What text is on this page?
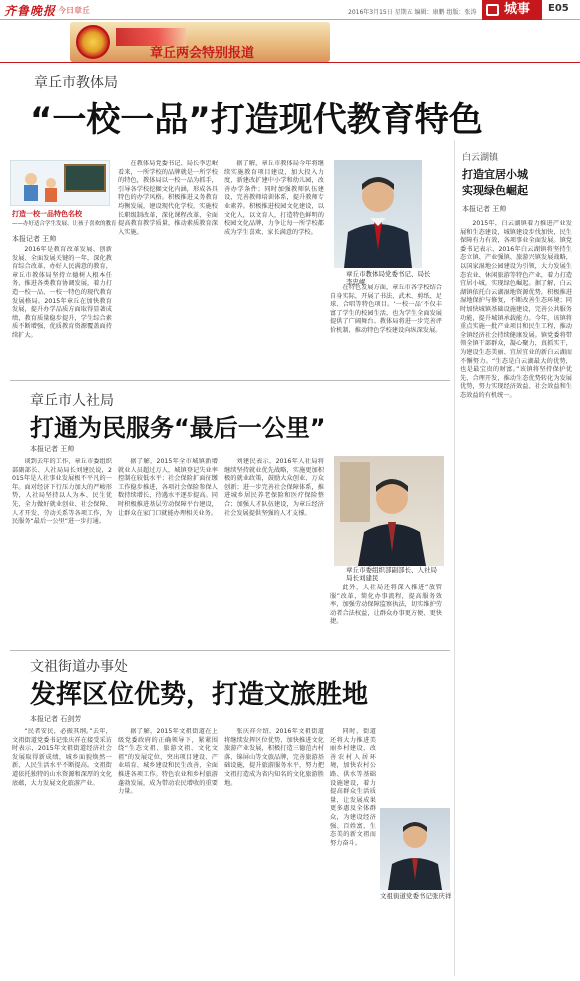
齐鲁晚报 今日章丘	2016年3月15日 星期五 编辑：康鹏 组版：张涛	城事	E05
章丘两会特别报道
章丘市教体局
“一校一品”打造现代教育特色
打造一校一品特色名校
——办好适合学生发展、让孩子喜欢的教育
本报记者 王帅

2016年是教育改革发展、创新发展、全面发展关键的一年，深化教育综合改革，办好人民满意的教育，章丘市教体局坚持立德树人根本任务，推进各类教育协调发展，着力打造一校一品、一校一特色的现代教育发展格局。2015年章丘在加快教育发展，提升办学品质方面取得显著成绩，教育质量稳步提升，学生综合素质不断增强，优质教育资源覆盖面持续扩大。

在教体局党委书记、局长李忠岷看来，一所学校的品牌就是一所学校的特色，教体局以一校一品为抓手，引导各学校挖掘文化内涵，形成各具特色的办学风格。积极推进义务教育均衡发展，建设现代化学校，实施校长职级制改革，深化课程改革，全面提高教育教学质量，推动素质教育深入实施。

据了解，章丘市教体局今年将继续实施教育项目建设，加大投入力度，新建改扩建中小学和幼儿园，改善办学条件；同时加强教师队伍建设，完善教师培训体系，提升教师专业素养。积极推进校园文化建设，以文化人，以文育人，打造特色鲜明的校园文化品牌，力争让每一所学校都成为学生喜欢、家长满意的学校。

章丘市教体局党委书记、局长李忠岷

在特色发展方面，章丘市各学校结合自身实际，开展了书法、武术、剪纸、足球、合唱等特色项目。‘一校一品’不仅丰富了学生的校园生活，也为学生全面发展提供了广阔舞台。教体局将进一步完善评价机制，推动特色学校建设向纵深发展。

章丘市人社局
打通为民服务“最后一公里”
本报记者 王帅

谈到去年的工作，章丘市委组织部副部长、人社局局长刘建民说，2015年是人社事业发展极不平凡的一年。面对经济下行压力加大的严峻形势，人社局坚持以人为本、民生优先，全力做好就业创业、社会保障、人才开发、劳动关系等各项工作，为民服务“最后一公里”进一步打通。

据了解，2015年全市城镇新增就业人员超过万人，城镇登记失业率控制在较低水平；社会保险扩面征缴工作稳步推进，各项社会保险参保人数持续增长，待遇水平逐步提高。同时积极推进基层劳动保障平台建设，让群众在家门口就能办理相关业务。

刘建民表示，2016年人社局将继续坚持就业优先战略，实施更加积极的就业政策，鼓励大众创业、万众创新；进一步完善社会保障体系，推进城乡居民养老保险和医疗保险整合；加强人才队伍建设，为章丘经济社会发展提供坚强的人才支撑。

章丘市委组织部副部长、人社局局长刘建民

此外，人社局还将深入推进“放管服”改革，简化办事流程，提高服务效率，加强劳动保障监察执法，切实维护劳动者合法权益，让群众办事更方便、更快捷。

文祖街道办事处
发挥区位优势，打造文旅胜地
本报记者 石剑芳

“民者安民，必振其纲。”去年，文祖街道党委书记张庆祥在接受采访时表示，2015年文祖街道经济社会发展取得新成绩，城乡面貌焕然一新，人民生活水平不断提高。文祖街道依托独特的山水资源和深厚的文化底蕴，大力发展文化旅游产业。

据了解，2015年文祖街道在上级党委政府的正确领导下，紧紧围绕“生态文祖、旅游文祖、文化文祖”的发展定位，突出项目建设、产业培育、城乡建设和民生改善，全面推进各项工作。特色农业和乡村旅游蓬勃发展，成为带动农民增收的重要力量。

张庆祥介绍，2016年文祖街道将继续发挥区位优势，加快推进文化旅游产业发展，积极打造三德范古村落、锦屏山等文旅品牌，完善旅游基础设施，提升旅游服务水平，努力把文祖打造成为省内知名的文化旅游胜地。

文祖街道党委书记张庆祥

同时，街道还将大力推进美丽乡村建设，改善农村人居环境，加快农村公路、供水等基础设施建设，着力提高群众生活质量，让发展成果更多惠及全体群众，为建设经济强、百姓富、生态美的新文祖而努力奋斗。

白云湖镇
打造宜居小城
实现绿色崛起
本报记者 王帅

2015年，白云湖镇着力推进产业发展和生态建设，城镇建设步伐加快，民生保障有力有效，各项事业全面发展。镇党委书记表示，2016年白云湖镇将坚持生态立镇、产业强镇、旅游兴镇发展战略，以国家湿地公园建设为引领，大力发展生态农业、休闲旅游等特色产业，着力打造宜居小城，实现绿色崛起。据了解，白云湖镇依托白云湖湿地资源优势，积极推进湿地保护与修复，不断改善生态环境；同时加快城镇基础设施建设，完善公共服务功能，提升城镇承载能力。今年，该镇将重点实施一批产业项目和民生工程，推动全镇经济社会持续健康发展。镇党委将带领全镇干部群众，凝心聚力，真抓实干，为建设生态美丽、宜居宜业的新白云湖而不懈努力。“生态是白云湖最大的优势，也是最宝贵的财富。”该镇将坚持保护优先、合理开发，推动生态优势转化为发展优势，努力实现经济效益、社会效益和生态效益的有机统一。
